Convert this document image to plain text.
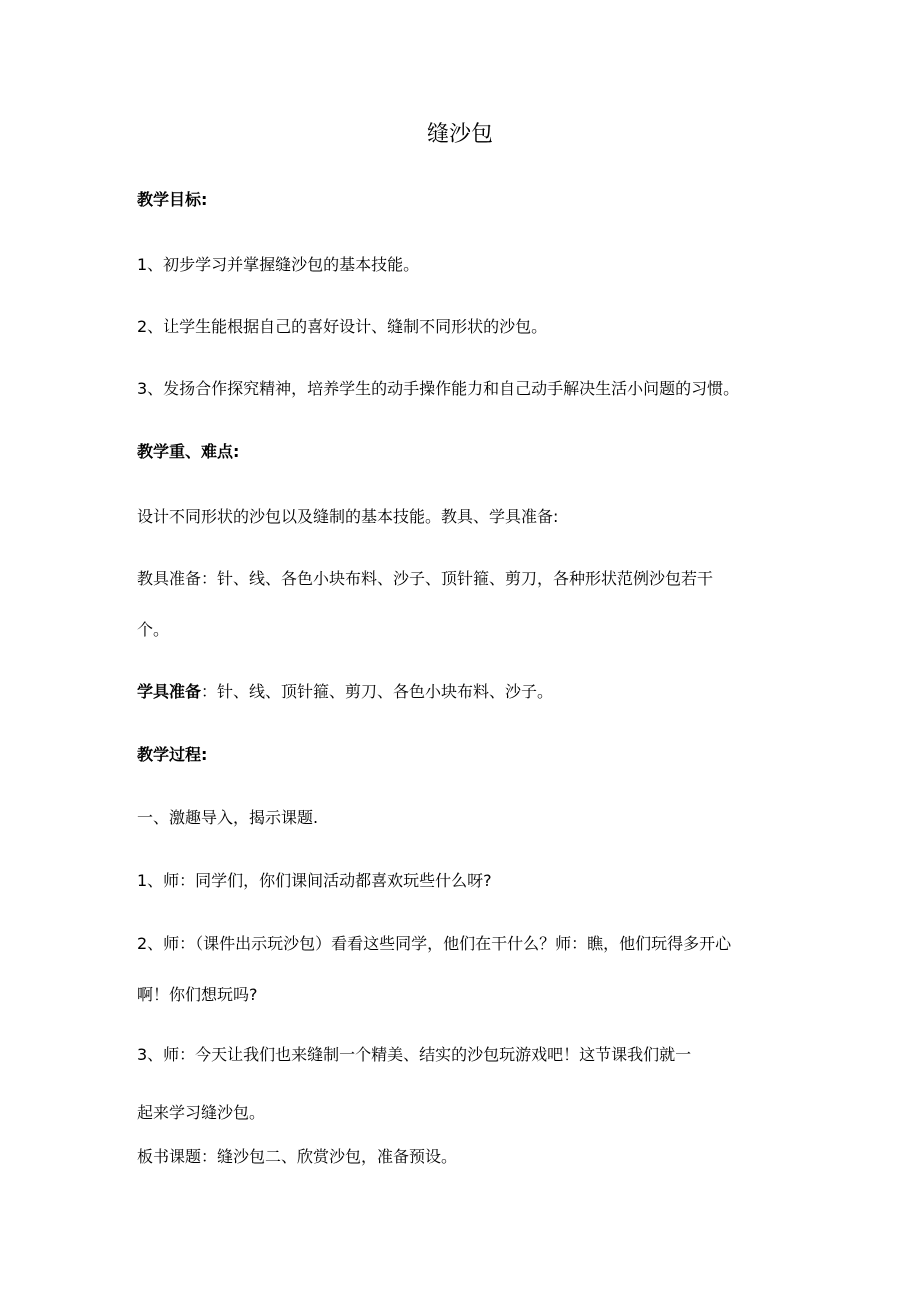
缝沙包
教学目标:
1、初步学习并掌握缝沙包的基本技能。
2、让学生能根据自己的喜好设计、缝制不同形状的沙包。
3、发扬合作探究精神，培养学生的动手操作能力和自己动手解决生活小问题的习惯。
教学重、难点:
设计不同形状的沙包以及缝制的基本技能。教具、学具准备:
教具准备：针、线、各色小块布料、沙子、顶针箍、剪刀，各种形状范例沙包若干
个。
学具准备：针、线、顶针箍、剪刀、各色小块布料、沙子。
教学过程:
一、激趣导入，揭示课题.
1、师：同学们，你们课间活动都喜欢玩些什么呀?
2、师：（课件出示玩沙包）看看这些同学，他们在干什么？师：瞧，他们玩得多开心
啊！你们想玩吗?
3、师：今天让我们也来缝制一个精美、结实的沙包玩游戏吧！这节课我们就一
起来学习缝沙包。
板书课题：缝沙包二、欣赏沙包，准备预设。
